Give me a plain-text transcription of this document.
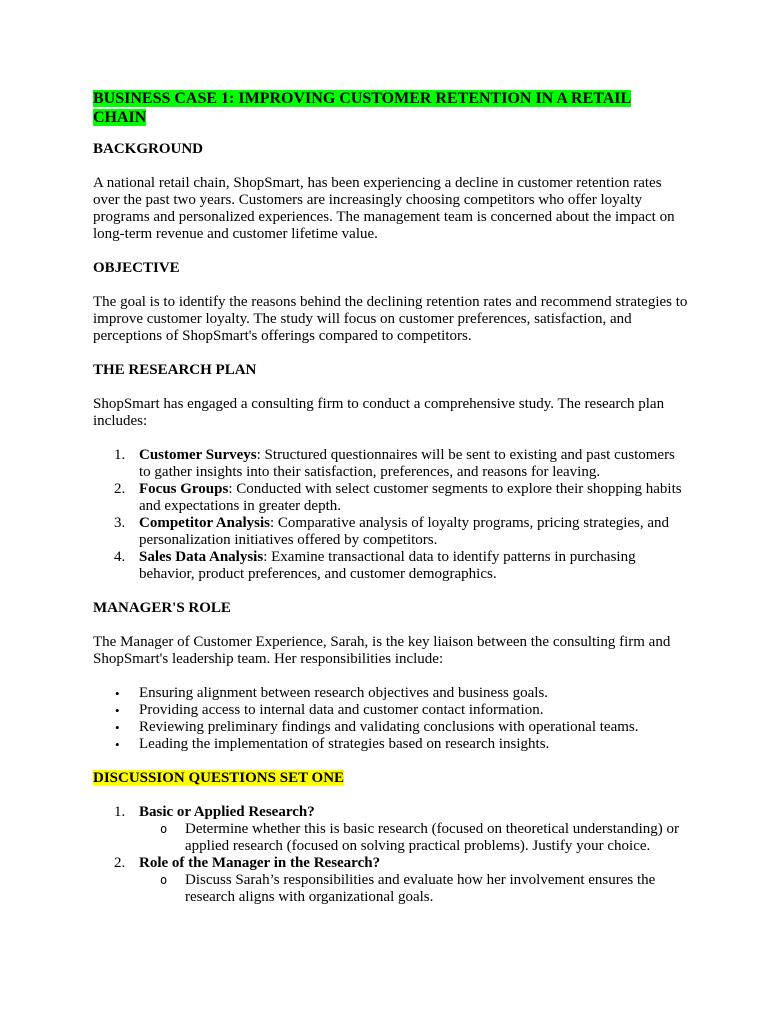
BUSINESS CASE 1: IMPROVING CUSTOMER RETENTION IN A RETAIL CHAIN
BACKGROUND
A national retail chain, ShopSmart, has been experiencing a decline in customer retention rates over the past two years. Customers are increasingly choosing competitors who offer loyalty programs and personalized experiences. The management team is concerned about the impact on long-term revenue and customer lifetime value.
OBJECTIVE
The goal is to identify the reasons behind the declining retention rates and recommend strategies to improve customer loyalty. The study will focus on customer preferences, satisfaction, and perceptions of ShopSmart's offerings compared to competitors.
THE RESEARCH PLAN
ShopSmart has engaged a consulting firm to conduct a comprehensive study. The research plan includes:
1. Customer Surveys: Structured questionnaires will be sent to existing and past customers to gather insights into their satisfaction, preferences, and reasons for leaving.
2. Focus Groups: Conducted with select customer segments to explore their shopping habits and expectations in greater depth.
3. Competitor Analysis: Comparative analysis of loyalty programs, pricing strategies, and personalization initiatives offered by competitors.
4. Sales Data Analysis: Examine transactional data to identify patterns in purchasing behavior, product preferences, and customer demographics.
MANAGER'S ROLE
The Manager of Customer Experience, Sarah, is the key liaison between the consulting firm and ShopSmart's leadership team. Her responsibilities include:
• Ensuring alignment between research objectives and business goals.
• Providing access to internal data and customer contact information.
• Reviewing preliminary findings and validating conclusions with operational teams.
• Leading the implementation of strategies based on research insights.
DISCUSSION QUESTIONS SET ONE
1. Basic or Applied Research?
o Determine whether this is basic research (focused on theoretical understanding) or applied research (focused on solving practical problems). Justify your choice.
2. Role of the Manager in the Research?
o Discuss Sarah’s responsibilities and evaluate how her involvement ensures the research aligns with organizational goals.
